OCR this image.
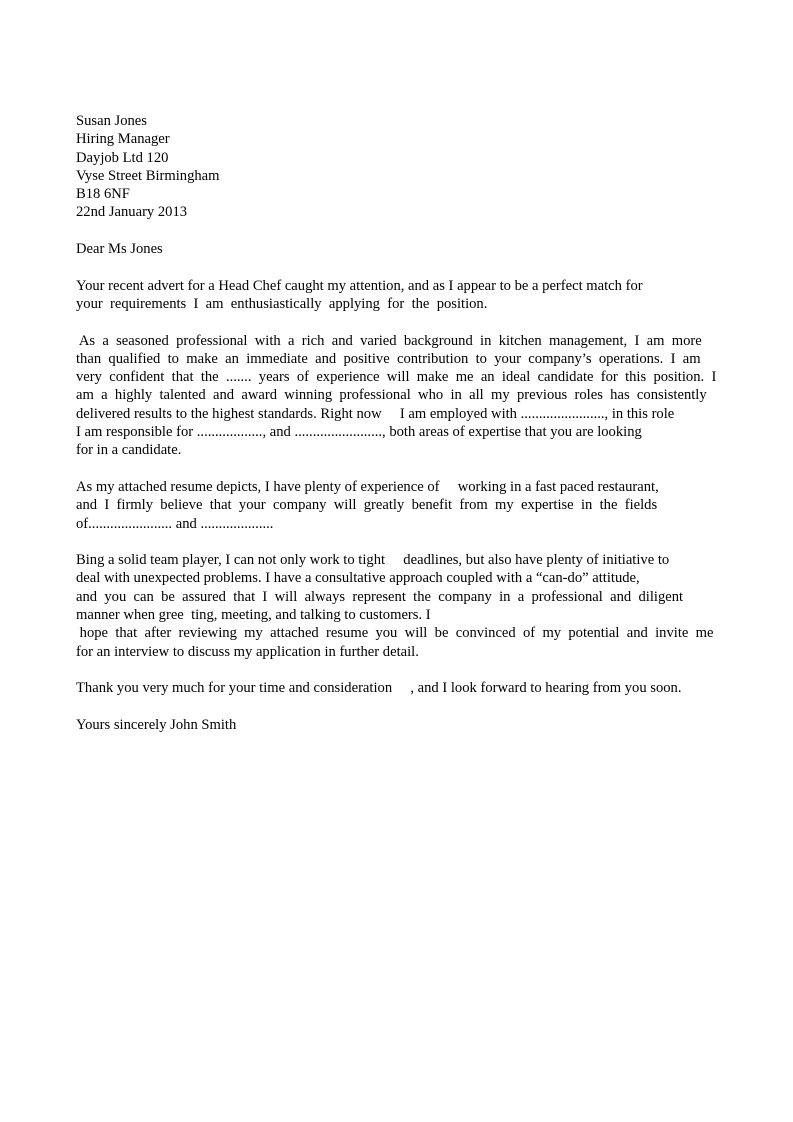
Susan Jones
Hiring Manager
Dayjob Ltd 120
Vyse Street Birmingham
B18 6NF
22nd January 2013
Dear Ms Jones
Your recent advert for a Head Chef caught my attention, and as I appear to be a perfect match for
your  requirements  I  am  enthusiastically  applying  for  the  position.
As  a  seasoned  professional  with  a  rich  and  varied  background  in  kitchen  management,  I  am  more
than  qualified  to  make  an  immediate  and  positive  contribution  to  your  company’s  operations.  I  am
very  confident  that  the  .......  years  of  experience  will  make  me  an  ideal  candidate  for  this  position.  I
am  a  highly  talented  and  award  winning  professional  who  in  all  my  previous  roles  has  consistently
delivered results to the highest standards. Right now     I am employed with ......................., in this role
I am responsible for .................., and ........................, both areas of expertise that you are looking
for in a candidate.
As my attached resume depicts, I have plenty of experience of     working in a fast paced restaurant,
and  I  firmly  believe  that  your  company  will  greatly  benefit  from  my  expertise  in  the  fields
of....................... and ....................
Bing a solid team player, I can not only work to tight     deadlines, but also have plenty of initiative to
deal with unexpected problems. I have a consultative approach coupled with a “can-do” attitude,
and  you  can  be  assured  that  I  will  always  represent  the  company  in  a  professional  and  diligent
manner when gree  ting, meeting, and talking to customers. I
hope  that  after  reviewing  my  attached  resume  you  will  be  convinced  of  my  potential  and  invite  me
for an interview to discuss my application in further detail.
Thank you very much for your time and consideration     , and I look forward to hearing from you soon.
Yours sincerely John Smith
